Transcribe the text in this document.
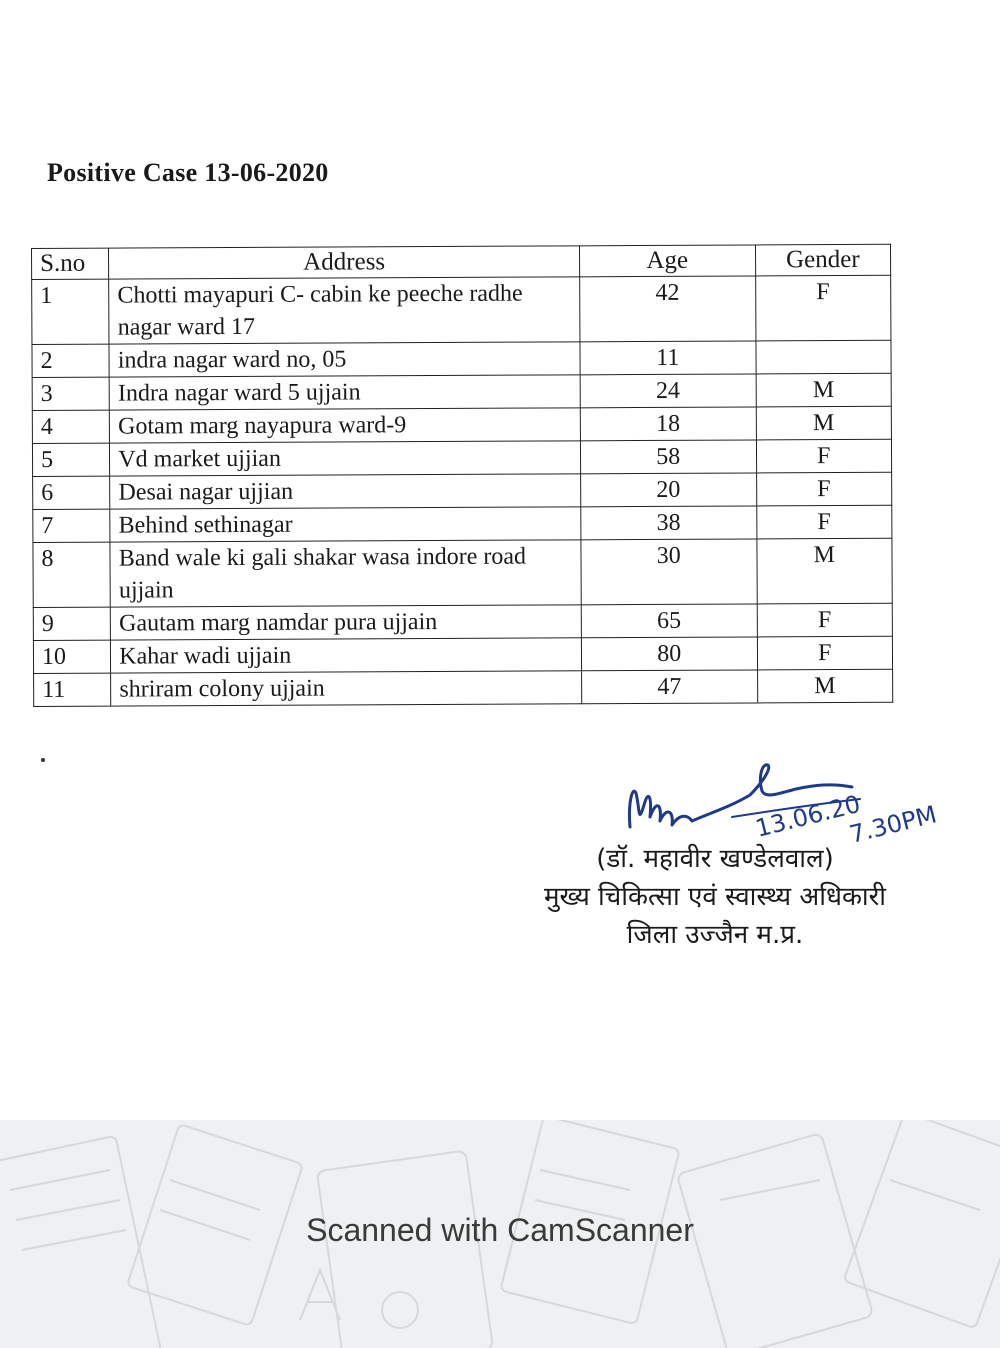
Positive Case 13-06-2020
S.no	Address	Age	Gender
1	Chotti mayapuri C- cabin ke peeche radhe nagar ward 17	42	F
2	indra nagar ward no, 05	11	
3	Indra nagar ward 5 ujjain	24	M
4	Gotam marg nayapura ward-9	18	M
5	Vd market ujjian	58	F
6	Desai nagar ujjian	20	F
7	Behind sethinagar	38	F
8	Band wale ki gali shakar wasa indore road ujjain	30	M
9	Gautam marg namdar pura ujjain	65	F
10	Kahar wadi ujjain	80	F
11	shriram colony ujjain	47	M
13.06.20
7.30PM
(डॉ. महावीर खण्डेलवाल)
मुख्य चिकित्सा एवं स्वास्थ्य अधिकारी
जिला उज्जैन म.प्र.
Scanned with CamScanner
